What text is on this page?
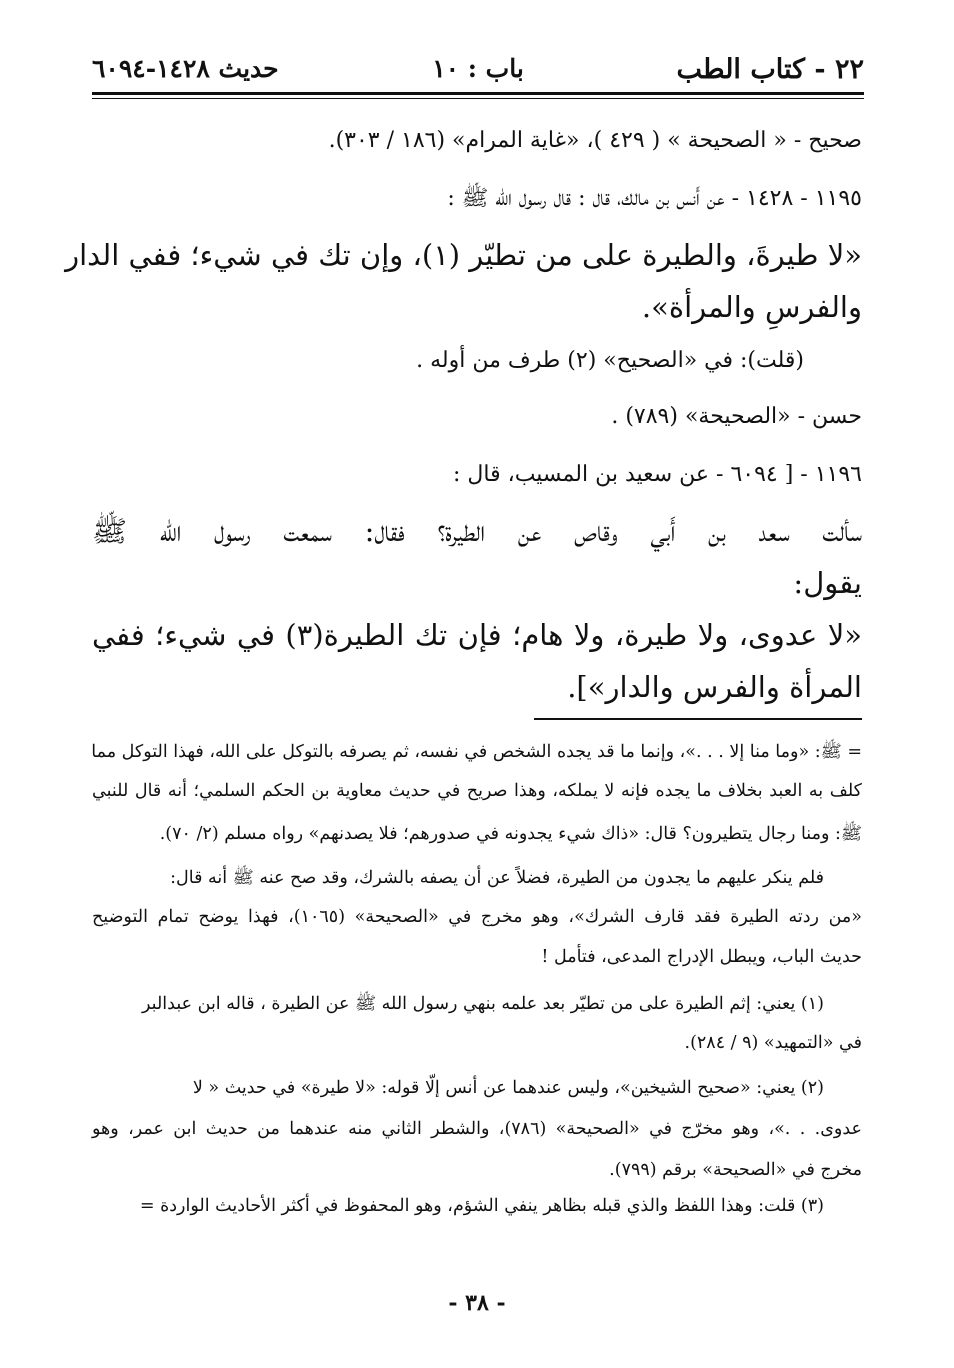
٢٢ - كتاب الطب
باب : ١٠
حديث ١٤٢٨-٦٠٩٤
صحيح - « الصحيحة » ( ٤٢٩ )، «غاية المرام» (١٨٦ / ٣٠٣).
١١٩٥ - ١٤٢٨ - عن أَنس بن مالك، قال : قال رسول الله ﷺ :
«لا طيرةَ، والطيرة على من تطيّر (١)، وإن تك في شيء؛ ففي الدار
والفرسِ والمرأة».
(قلت): في «الصحيح» (٢) طرف من أوله .
حسن - «الصحيحة» (٧٨٩) .
١١٩٦ - [ ٦٠٩٤ - عن سعيد بن المسيب، قال :
سألت سعد بن أَبي وقاص عن الطيرة؟ فقال: سمعت رسول الله ﷺ
يقول:
«لا عدوى، ولا طيرة، ولا هام؛ فإن تك الطيرة(٣) في شيء؛ ففي
المرأة والفرس والدار»].
= ﷺ: «وما منا إلا . . .»، وإنما ما قد يجده الشخص في نفسه، ثم يصرفه بالتوكل على الله، فهذا التوكل مما
كلف به العبد بخلاف ما يجده فإنه لا يملكه، وهذا صريح في حديث معاوية بن الحكم السلمي؛ أنه قال للنبي
ﷺ: ومنا رجال يتطيرون؟ قال: «ذاك شيء يجدونه في صدورهم؛ فلا يصدنهم» رواه مسلم (٢/ ٧٠).
فلم ينكر عليهم ما يجدون من الطيرة، فضلاً عن أن يصفه بالشرك، وقد صح عنه ﷺ أنه قال:
«من ردته الطيرة فقد قارف الشرك»، وهو مخرج في «الصحيحة» (١٠٦٥)، فهذا يوضح تمام التوضيح
حديث الباب، ويبطل الإدراج المدعى، فتأمل !
(١) يعني: إثم الطيرة على من تطيّر بعد علمه بنهي رسول الله ﷺ عن الطيرة ، قاله ابن عبدالبر
في «التمهيد» (٩ / ٢٨٤).
(٢) يعني: «صحيح الشيخين»، وليس عندهما عن أنس إلّا قوله: «لا طيرة» في حديث « لا
عدوى. . .»، وهو مخرّج في «الصحيحة» (٧٨٦)، والشطر الثاني منه عندهما من حديث ابن عمر، وهو
مخرج في «الصحيحة» برقم (٧٩٩).
(٣) قلت: وهذا اللفظ والذي قبله بظاهر ينفي الشؤم، وهو المحفوظ في أكثر الأحاديث الواردة =
- ٣٨ -
